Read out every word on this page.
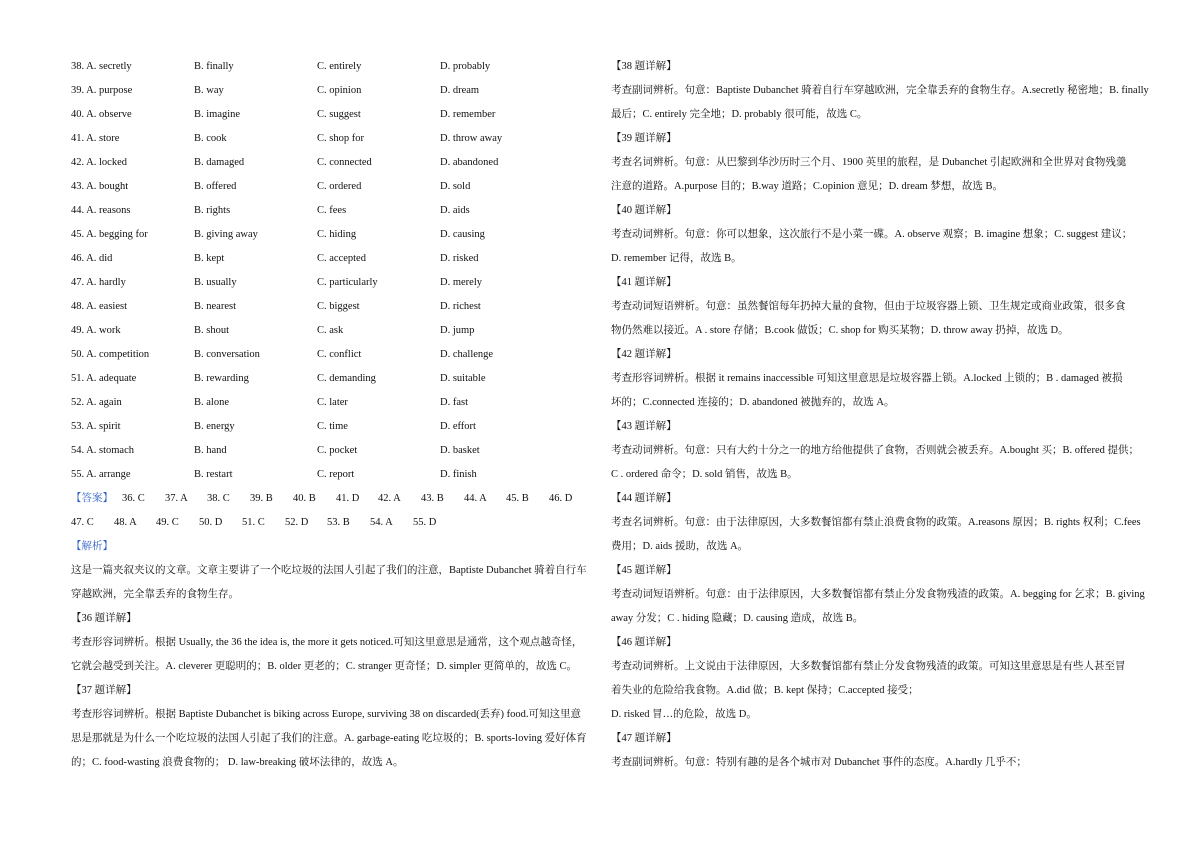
38. A. secretly	B. finally	C. entirely	D. probably
39. A. purpose	B. way	C. opinion	D. dream
40. A. observe	B. imagine	C. suggest	D. remember
41. A. store	B. cook	C. shop for	D. throw away
42. A. locked	B. damaged	C. connected	D. abandoned
43. A. bought	B. offered	C. ordered	D. sold
44. A. reasons	B. rights	C. fees	D. aids
45. A. begging for	B. giving away	C. hiding	D. causing
46. A. did	B. kept	C. accepted	D. risked
47. A. hardly	B. usually	C. particularly	D. merely
48. A. easiest	B. nearest	C. biggest	D. richest
49. A. work	B. shout	C. ask	D. jump
50. A. competition	B. conversation	C. conflict	D. challenge
51. A. adequate	B. rewarding	C. demanding	D. suitable
52. A. again	B. alone	C. later	D. fast
53. A. spirit	B. energy	C. time	D. effort
54. A. stomach	B. hand	C. pocket	D. basket
55. A. arrange	B. restart	C. report	D. finish
【答案】 36. C 37. A 38. C 39. B 40. B 41. D 42. A 43. B 44. A 45. B 46. D
47. C 48. A 49. C 50. D 51. C 52. D 53. B 54. A 55. D
【解析】
这是一篇夹叙夹议的文章。文章主要讲了一个吃垃圾的法国人引起了我们的注意，Baptiste Dubanchet 骑着自行车
穿越欧洲，完全靠丢弃的食物生存。
【36 题详解】
考查形容词辨析。根据 Usually, the 36 the idea is, the more it gets noticed.可知这里意思是通常，这个观点越奇怪，
它就会越受到关注。A. cleverer 更聪明的；B. older 更老的；C. stranger 更奇怪；D. simpler 更简单的，故选 C。
【37 题详解】
考查形容词辨析。根据 Baptiste Dubanchet is biking across Europe, surviving 38 on discarded(丢弃) food.可知这里意
思是那就是为什么一个吃垃圾的法国人引起了我们的注意。A. garbage-eating 吃垃圾的；B. sports-loving 爱好体育
的；C. food-wasting 浪费食物的； D. law-breaking 破坏法律的，故选 A。
【38 题详解】
考查副词辨析。句意：Baptiste Dubanchet 骑着自行车穿越欧洲，完全靠丢弃的食物生存。A.secretly 秘密地；B. finally
最后；C. entirely 完全地；D. probably 很可能，故选 C。
【39 题详解】
考查名词辨析。句意：从巴黎到华沙历时三个月、1900 英里的旅程，是 Dubanchet 引起欧洲和全世界对食物残羹
注意的道路。A.purpose 目的；B.way 道路；C.opinion 意见；D. dream 梦想，故选 B。
【40 题详解】
考查动词辨析。句意：你可以想象，这次旅行不是小菜一碟。A. observe 观察；B. imagine 想象；C. suggest 建议；
D. remember 记得，故选 B。
【41 题详解】
考查动词短语辨析。句意：虽然餐馆每年扔掉大量的食物，但由于垃圾容器上锁、卫生规定或商业政策，很多食
物仍然难以接近。A . store 存储；B.cook 做饭；C. shop for 购买某物；D. throw away 扔掉，故选 D。
【42 题详解】
考查形容词辨析。根据 it remains inaccessible 可知这里意思是垃圾容器上锁。A.locked 上锁的；B . damaged 被损
坏的；C.connected 连接的；D. abandoned 被抛弃的，故选 A。
【43 题详解】
考查动词辨析。句意：只有大约十分之一的地方给他提供了食物，否则就会被丢弃。A.bought 买；B. offered 提供；
C . ordered 命令；D. sold 销售，故选 B。
【44 题详解】
考查名词辨析。句意：由于法律原因，大多数餐馆都有禁止浪费食物的政策。A.reasons 原因；B. rights 权利；C.fees
费用；D. aids 援助，故选 A。
【45 题详解】
考查动词短语辨析。句意：由于法律原因，大多数餐馆都有禁止分发食物残渣的政策。A. begging for 乞求；B. giving
away 分发；C . hiding 隐藏；D. causing 造成，故选 B。
【46 题详解】
考查动词辨析。上文说由于法律原因，大多数餐馆都有禁止分发食物残渣的政策。可知这里意思是有些人甚至冒
着失业的危险给我食物。A.did 做；B. kept 保持；C.accepted 接受；
D. risked 冒…的危险，故选 D。
【47 题详解】
考查副词辨析。句意：特别有趣的是各个城市对 Dubanchet 事件的态度。A.hardly 几乎不；
